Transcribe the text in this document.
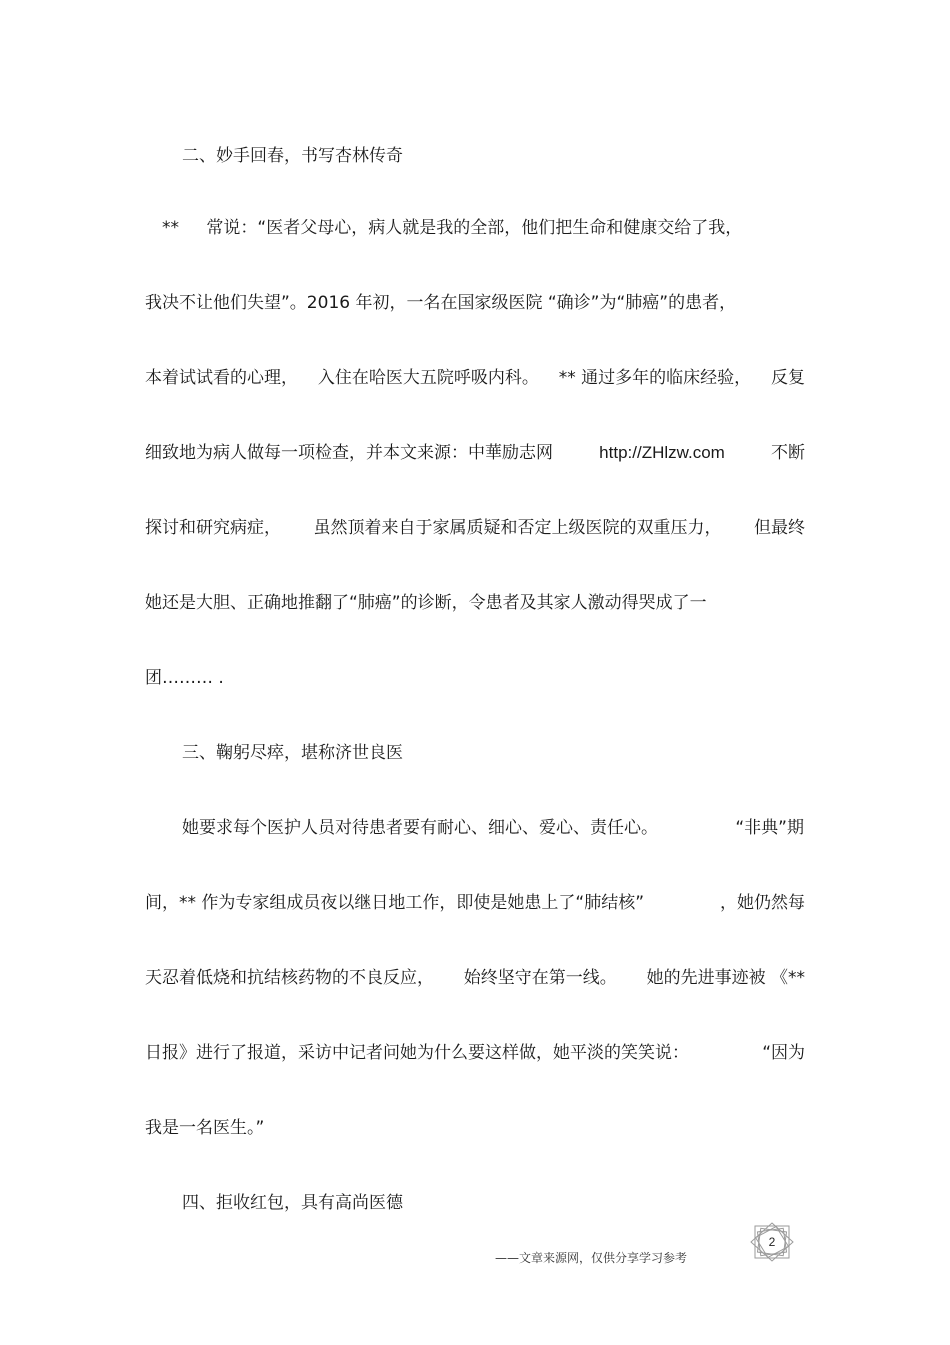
二、妙手回春，书写杏林传奇
** 常说：“医者父母心，病人就是我的全部，他们把生命和健康交给了我，
我决不让他们失望”。2016 年初，一名在国家级医院 “确诊”为“肺癌”的患者，
本着试试看的心理， 入住在哈医大五院呼吸内科。 ** 通过多年的临床经验， 反复
细致地为病人做每一项检查，并本文来源：中華励志网	http://ZHlzw.com	不断
探讨和研究病症， 虽然顶着来自于家属质疑和否定上级医院的双重压力， 但最终
她还是大胆、正确地推翻了“肺癌”的诊断，令患者及其家人激动得哭成了一
团……… .
三、鞠躬尽瘁，堪称济世良医
她要求每个医护人员对待患者要有耐心、细心、爱心、责任心。	“非典”期
间，** 作为专家组成员夜以继日地工作，即使是她患上了“肺结核”	，她仍然每
天忍着低烧和抗结核药物的不良反应， 始终坚守在第一线。 她的先进事迹被 《**
日报》进行了报道，采访中记者问她为什么要这样做，她平淡的笑笑说：	“因为
我是一名医生。”
四、拒收红包，具有高尚医德
——文章来源网，仅供分享学习参考
2
